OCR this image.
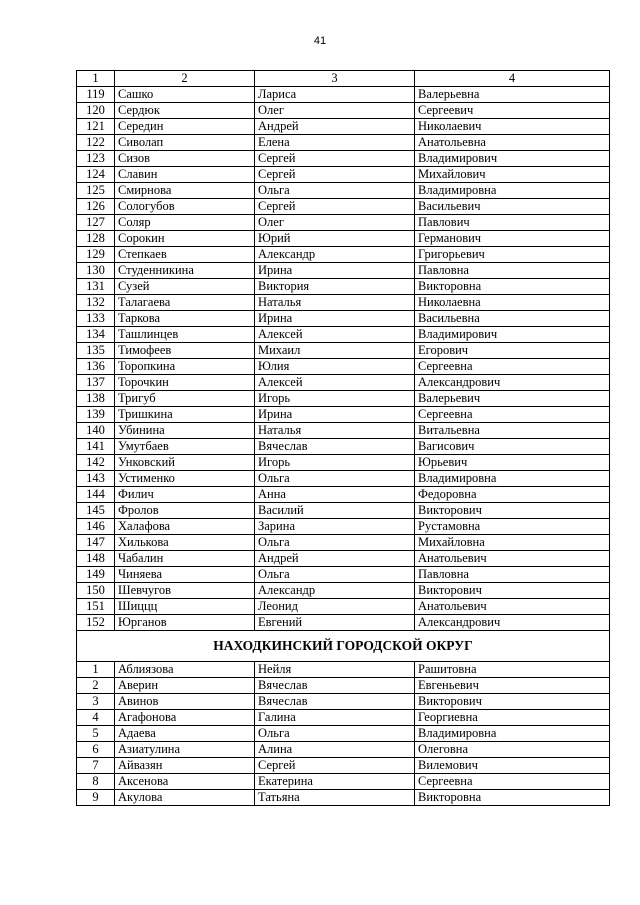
41
1	2	3	4
119	Сашко	Лариса	Валерьевна
120	Сердюк	Олег	Сергеевич
121	Середин	Андрей	Николаевич
122	Сиволап	Елена	Анатольевна
123	Сизов	Сергей	Владимирович
124	Славин	Сергей	Михайлович
125	Смирнова	Ольга	Владимировна
126	Сологубов	Сергей	Васильевич
127	Соляр	Олег	Павлович
128	Сорокин	Юрий	Германович
129	Степкаев	Александр	Григорьевич
130	Студенникина	Ирина	Павловна
131	Сузей	Виктория	Викторовна
132	Талагаева	Наталья	Николаевна
133	Таркова	Ирина	Васильевна
134	Ташлинцев	Алексей	Владимирович
135	Тимофеев	Михаил	Егорович
136	Торопкина	Юлия	Сергеевна
137	Торочкин	Алексей	Александрович
138	Тригуб	Игорь	Валерьевич
139	Тришкина	Ирина	Сергеевна
140	Убинина	Наталья	Витальевна
141	Умутбаев	Вячеслав	Вагисович
142	Унковский	Игорь	Юрьевич
143	Устименко	Ольга	Владимировна
144	Филич	Анна	Федоровна
145	Фролов	Василий	Викторович
146	Халафова	Зарина	Рустамовна
147	Хилькова	Ольга	Михайловна
148	Чабалин	Андрей	Анатольевич
149	Чиняева	Ольга	Павловна
150	Шевчугов	Александр	Викторович
151	Шиццц	Леонид	Анатольевич
152	Юрганов	Евгений	Александрович
НАХОДКИНСКИЙ ГОРОДСКОЙ ОКРУГ			
1	Аблиязова	Нейля	Рашитовна
2	Аверин	Вячеслав	Евгеньевич
3	Авинов	Вячеслав	Викторович
4	Агафонова	Галина	Георгиевна
5	Адаева	Ольга	Владимировна
6	Азиатулина	Алина	Олеговна
7	Айвазян	Сергей	Вилемович
8	Аксенова	Екатерина	Сергеевна
9	Акулова	Татьяна	Викторовна
